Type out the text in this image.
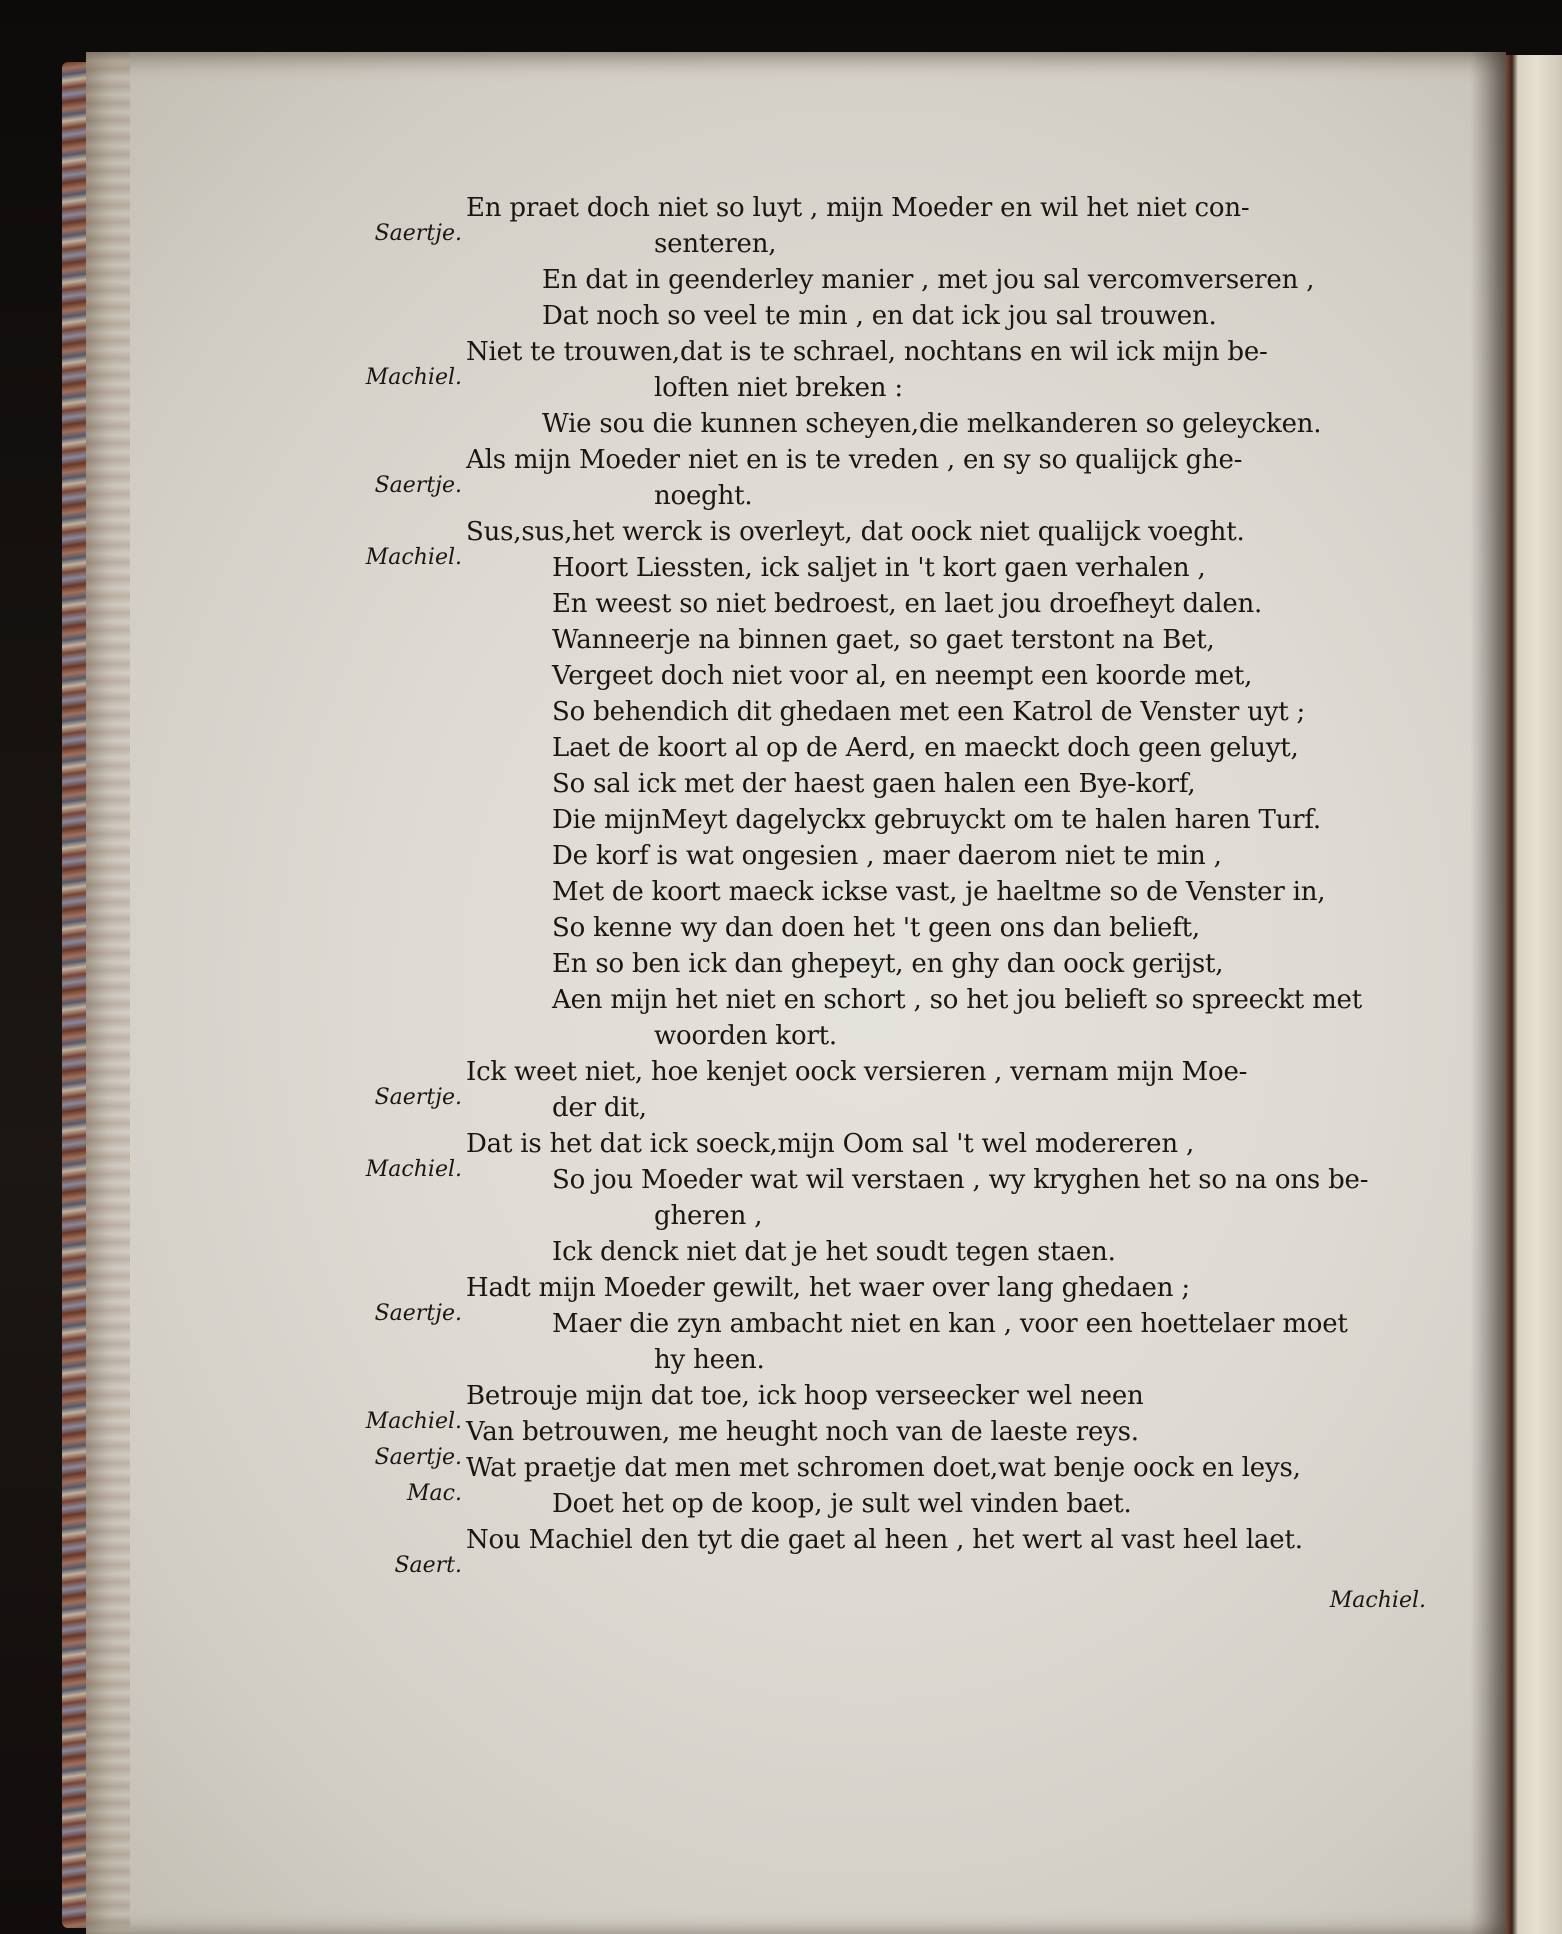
Saertje.
En praet doch niet so luyt , mijn Moeder en wil het niet con-
senteren,
En dat in geenderley manier , met jou sal vercomverseren ,
Dat noch so veel te min , en dat ick jou sal trouwen.
Machiel.
Niet te trouwen,dat is te schrael, nochtans en wil ick mijn be-
loften niet breken :
Wie sou die kunnen scheyen,die melkanderen so geleycken.
Saertje.
Als mijn Moeder niet en is te vreden , en sy so qualijck ghe-
noeght.
Machiel.
Sus,sus,het werck is overleyt, dat oock niet qualijck voeght.
Hoort Liessten, ick saljet in 't kort gaen verhalen ,
En weest so niet bedroest, en laet jou droefheyt dalen.
Wanneerje na binnen gaet, so gaet terstont na Bet,
Vergeet doch niet voor al, en neempt een koorde met,
So behendich dit ghedaen met een Katrol de Venster uyt ;
Laet de koort al op de Aerd, en maeckt doch geen geluyt,
So sal ick met der haest gaen halen een Bye-korf,
Die mijnMeyt dagelyckx gebruyckt om te halen haren Turf.
De korf is wat ongesien , maer daerom niet te min ,
Met de koort maeck ickse vast, je haeltme so de Venster in,
So kenne wy dan doen het 't geen ons dan belieft,
En so ben ick dan ghepeyt, en ghy dan oock gerijst,
Aen mijn het niet en schort , so het jou belieft so spreeckt met
woorden kort.
Saertje.
Ick weet niet, hoe kenjet oock versieren , vernam mijn Moe-
der dit,
Machiel.
Dat is het dat ick soeck,mijn Oom sal 't wel modereren ,
So jou Moeder wat wil verstaen , wy kryghen het so na ons be-
gheren ,
Ick denck niet dat je het soudt tegen staen.
Saertje.
Hadt mijn Moeder gewilt, het waer over lang ghedaen ;
Maer die zyn ambacht niet en kan , voor een hoettelaer moet
hy heen.
Machiel.
Betrouje mijn dat toe, ick hoop verseecker wel neen
Saertje.
Van betrouwen, me heught noch van de laeste reys.
Mac.
Wat praetje dat men met schromen doet,wat benje oock en leys,
Doet het op de koop, je sult wel vinden baet.
Saert.
Nou Machiel den tyt die gaet al heen , het wert al vast heel laet.
Machiel.
